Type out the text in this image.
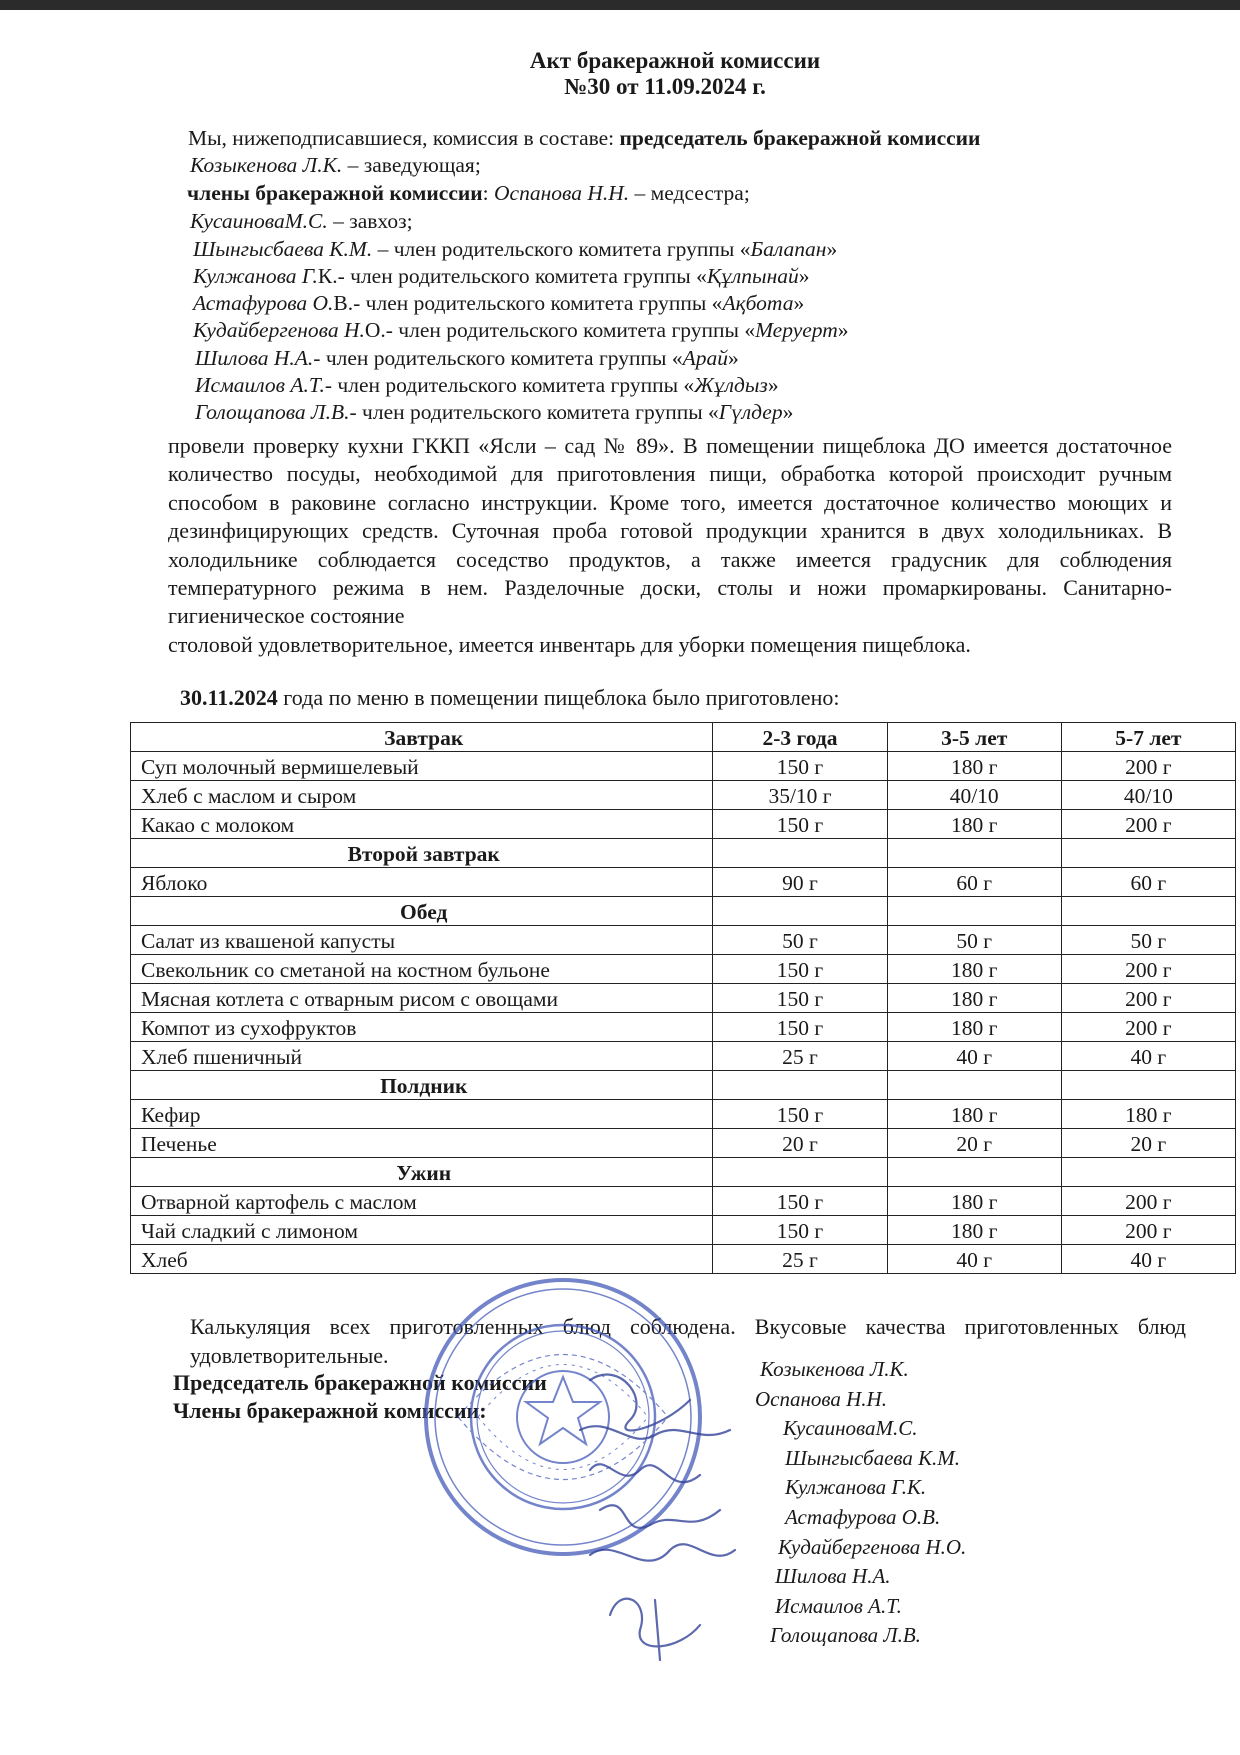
Акт бракеражной комиссии
№30 от 11.09.2024 г.
Мы, нижеподписавшиеся, комиссия в составе: председатель бракеражной комиссии
Козыкенова Л.К. – заведующая;
члены бракеражной комиссии: Оспанова Н.Н. – медсестра;
КусаиноваМ.С. – завхоз;
Шынгысбаева К.М. – член родительского комитета группы «Балапан»
Кулжанова Г.К.- член родительского комитета группы «Құлпынай»
Астафурова О.В.- член родительского комитета группы «Ақбота»
Кудайбергенова Н.О.- член родительского комитета группы «Меруерт»
Шилова Н.А.- член родительского комитета группы «Арай»
Исмаилов А.Т.- член родительского комитета группы «Жұлдыз»
Голощапова Л.В.- член родительского комитета группы «Гүлдер»
провели проверку кухни ГККП «Ясли – сад № 89». В помещении пищеблока ДО имеется достаточное количество посуды, необходимой для приготовления пищи, обработка которой происходит ручным способом в раковине согласно инструкции. Кроме того, имеется достаточное количество моющих и дезинфицирующих средств. Суточная проба готовой продукции хранится в двух холодильниках. В холодильнике соблюдается соседство продуктов, а также имеется градусник для соблюдения температурного режима в нем. Разделочные доски, столы и ножи промаркированы. Санитарно-гигиеническое состояние
столовой удовлетворительное, имеется инвентарь для уборки помещения пищеблока.
30.11.2024 года по меню в помещении пищеблока было приготовлено:
Завтрак	2-3 года	3-5 лет	5-7 лет
Суп молочный вермишелевый	150 г	180 г	200 г
Хлеб с маслом и сыром	35/10 г	40/10	40/10
Какао с молоком	150 г	180 г	200 г
Второй завтрак			
Яблоко	90 г	60 г	60 г
Обед			
Салат из квашеной капусты	50 г	50 г	50 г
Свекольник со сметаной на костном бульоне	150 г	180 г	200 г
Мясная котлета с отварным рисом с овощами	150 г	180 г	200 г
Компот из сухофруктов	150 г	180 г	200 г
Хлеб пшеничный	25 г	40 г	40 г
Полдник			
Кефир	150 г	180 г	180 г
Печенье	20 г	20 г	20 г
Ужин			
Отварной картофель с маслом	150 г	180 г	200 г
Чай сладкий с лимоном	150 г	180 г	200 г
Хлеб	25 г	40 г	40 г
Калькуляция всех приготовленных блюд соблюдена. Вкусовые качества приготовленных блюд удовлетворительные.
Председатель бракеражной комиссии
Члены бракеражной комиссии:
Козыкенова Л.К.
Оспанова Н.Н.
КусаиноваМ.С.
Шынгысбаева К.М.
Кулжанова Г.К.
Астафурова О.В.
Кудайбергенова Н.О.
Шилова Н.А.
Исмаилов А.Т.
Голощапова Л.В.
